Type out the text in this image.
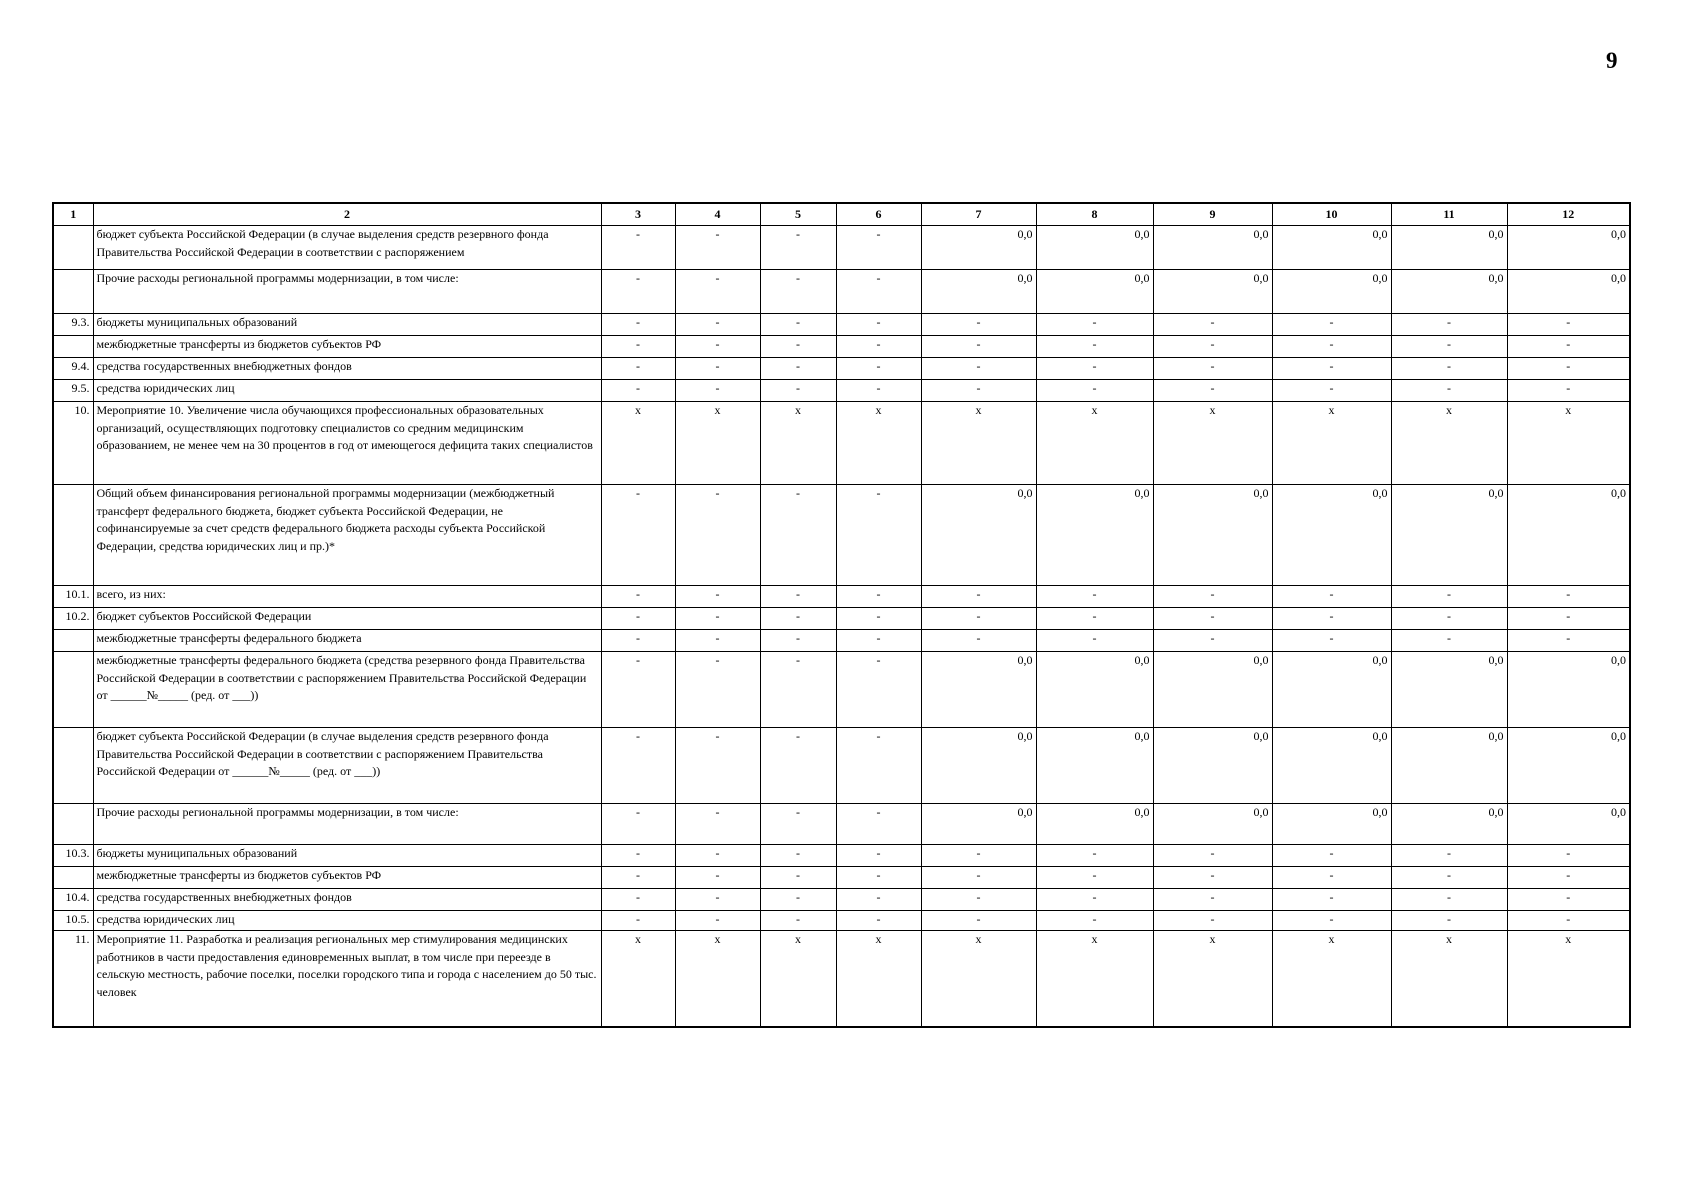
9
1	2	3	4	5	6	7	8	9	10	11	12
	бюджет субъекта Российской Федерации (в случае выделения средств резервного фонда Правительства Российской Федерации в соответствии с распоряжением	-	-	-	-	0,0	0,0	0,0	0,0	0,0	0,0
	Прочие расходы региональной программы модернизации, в том числе:	-	-	-	-	0,0	0,0	0,0	0,0	0,0	0,0
9.3.	бюджеты муниципальных образований	-	-	-	-	-	-	-	-	-	-
	межбюджетные трансферты из бюджетов субъектов РФ	-	-	-	-	-	-	-	-	-	-
9.4.	средства государственных внебюджетных фондов	-	-	-	-	-	-	-	-	-	-
9.5.	средства юридических лиц	-	-	-	-	-	-	-	-	-	-
10.	Мероприятие 10. Увеличение числа обучающихся профессиональных образовательных организаций, осуществляющих подготовку специалистов со средним медицинским образованием, не менее чем на 30 процентов в год от имеющегося дефицита таких специалистов	х	х	х	х	х	х	х	х	х	х
	Общий объем финансирования региональной программы модернизации (межбюджетный трансферт федерального бюджета, бюджет субъекта Российской Федерации, не софинансируемые за счет средств федерального бюджета расходы субъекта Российской Федерации, средства юридических лиц и пр.)*	-	-	-	-	0,0	0,0	0,0	0,0	0,0	0,0
10.1.	всего, из них:	-	-	-	-	-	-	-	-	-	-
10.2.	бюджет субъектов Российской Федерации	-	-	-	-	-	-	-	-	-	-
	межбюджетные трансферты федерального бюджета	-	-	-	-	-	-	-	-	-	-
	межбюджетные трансферты федерального бюджета (средства резервного фонда Правительства Российской Федерации в соответствии с распоряжением Правительства Российской Федерации от ______№_____ (ред. от ___))	-	-	-	-	0,0	0,0	0,0	0,0	0,0	0,0
	бюджет субъекта Российской Федерации (в случае выделения средств резервного фонда Правительства Российской Федерации в соответствии с распоряжением Правительства Российской Федерации от ______№_____ (ред. от ___))	-	-	-	-	0,0	0,0	0,0	0,0	0,0	0,0
	Прочие расходы региональной программы модернизации, в том числе:	-	-	-	-	0,0	0,0	0,0	0,0	0,0	0,0
10.3.	бюджеты муниципальных образований	-	-	-	-	-	-	-	-	-	-
	межбюджетные трансферты из бюджетов субъектов РФ	-	-	-	-	-	-	-	-	-	-
10.4.	средства государственных внебюджетных фондов	-	-	-	-	-	-	-	-	-	-
10.5.	средства юридических лиц	-	-	-	-	-	-	-	-	-	-
11.	Мероприятие 11. Разработка и реализация региональных мер стимулирования медицинских работников в части предоставления единовременных выплат, в том числе при переезде в сельскую местность, рабочие поселки, поселки городского типа и города с населением до 50 тыс. человек	х	х	х	х	х	х	х	х	х	х
